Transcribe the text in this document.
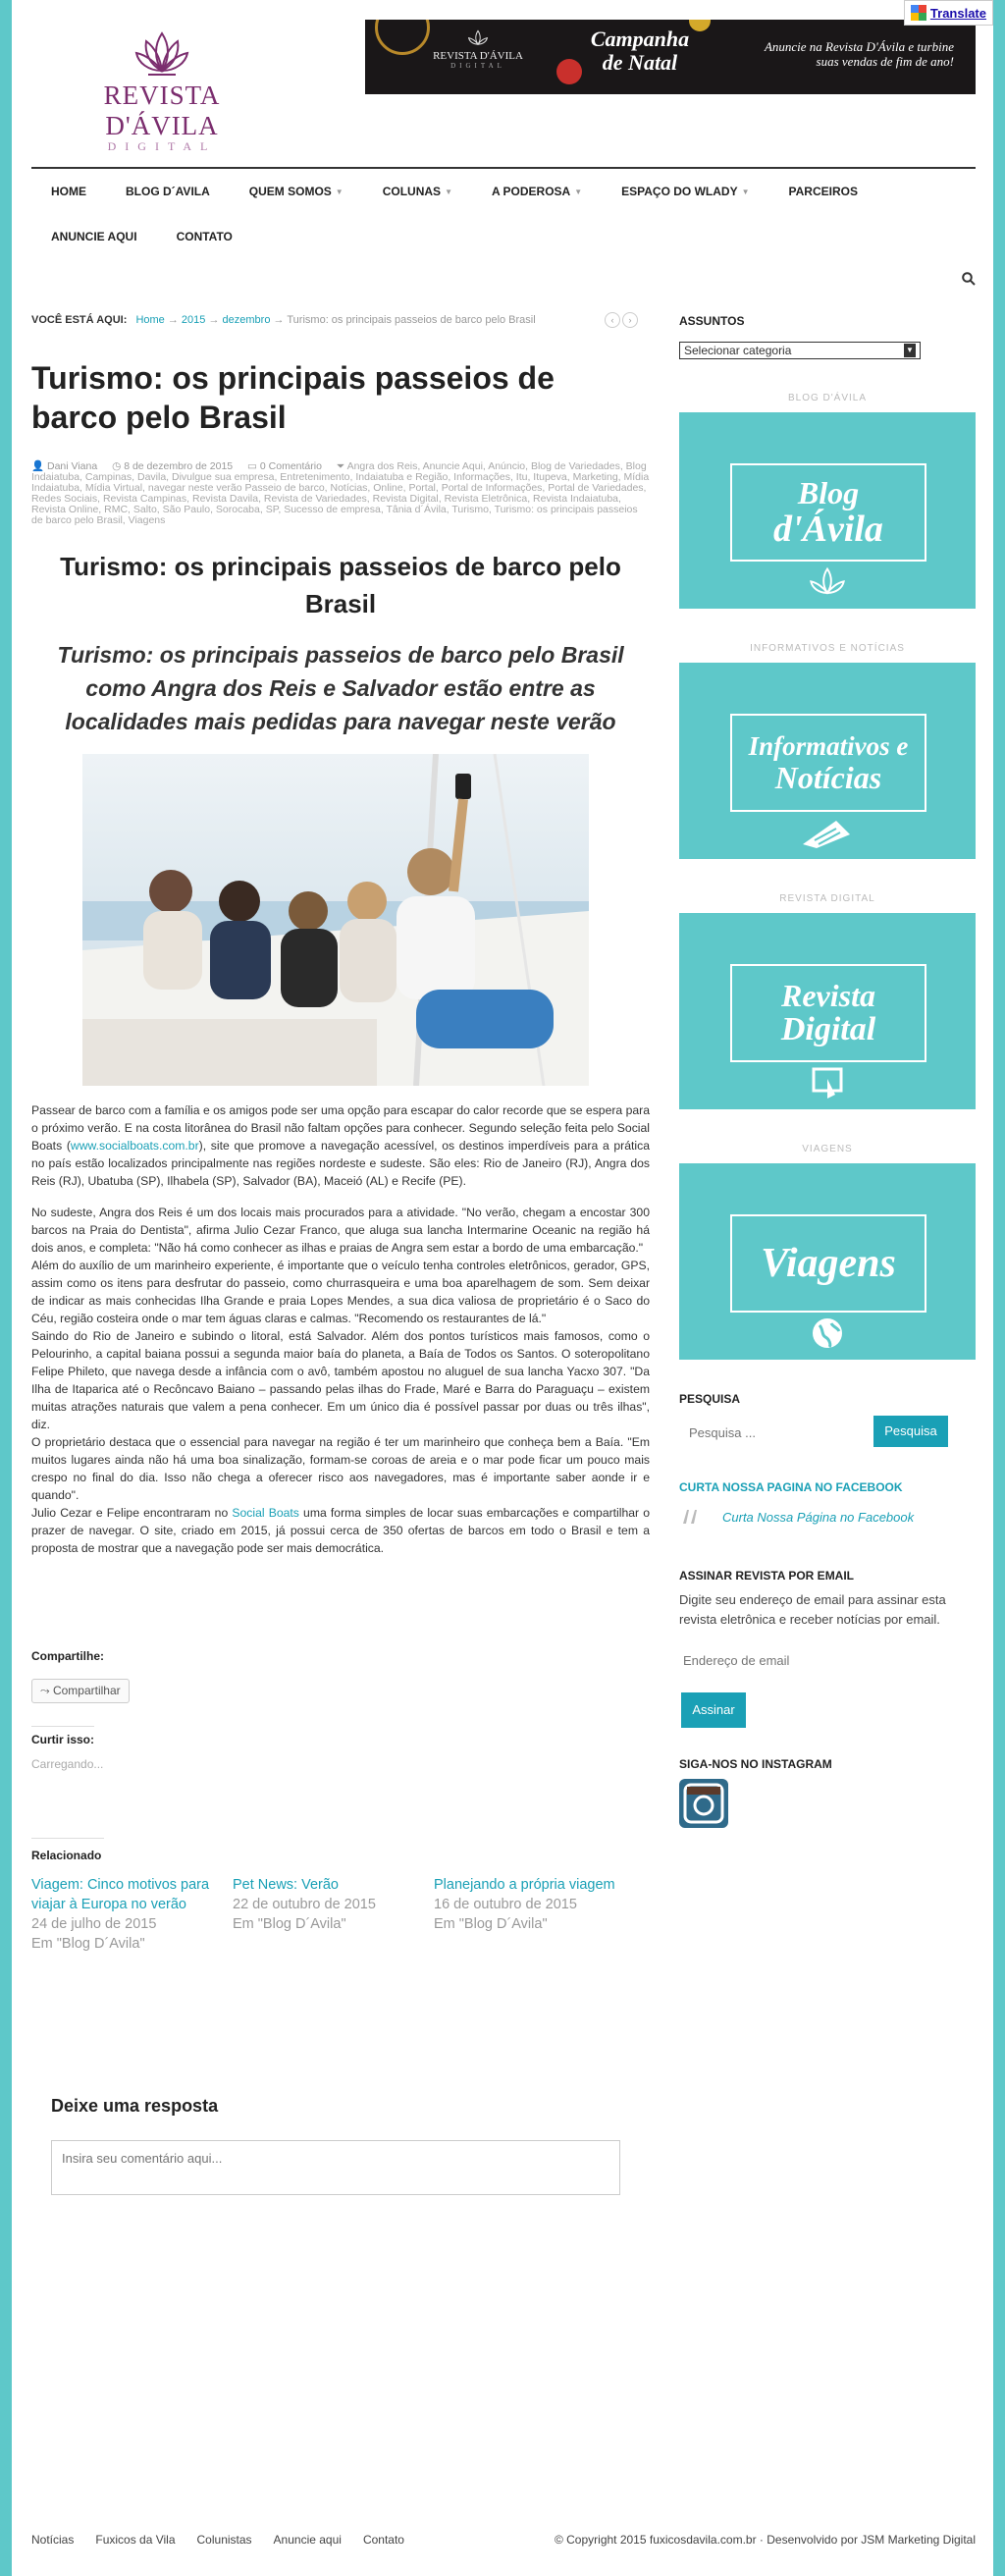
Translate
REVISTA D'ÁVILA
DIGITAL
REVISTA D'ÁVILA
DIGITAL
Campanha
de Natal
Anuncie na Revista D'Ávila e turbine
suas vendas de fim de ano!
HOME	BLOG D´AVILA	QUEM SOMOS ▼	COLUNAS ▼	A PODEROSA ▼	ESPAÇO DO WLADY ▼	PARCEIROS
ANUNCIE AQUI	CONTATO
VOCÊ ESTÁ AQUI: Home → 2015 → dezembro → Turismo: os principais passeios de barco pelo Brasil	‹	›
Turismo: os principais passeios de barco pelo Brasil
👤 Dani Viana ◷ 8 de dezembro de 2015 ▭ 0 Comentário ⏷ Angra dos Reis, Anuncie Aqui, Anúncio, Blog de Variedades, Blog Indaiatuba, Campinas, Davila, Divulgue sua empresa, Entretenimento, Indaiatuba e Região, Informações, Itu, Itupeva, Marketing, Mídia Indaiatuba, Mídia Virtual, navegar neste verão Passeio de barco, Notícias, Online, Portal, Portal de Informações, Portal de Variedades, Redes Sociais, Revista Campinas, Revista Davila, Revista de Variedades, Revista Digital, Revista Eletrônica, Revista Indaiatuba, Revista Online, RMC, Salto, São Paulo, Sorocaba, SP, Sucesso de empresa, Tânia d´Ávila, Turismo, Turismo: os principais passeios de barco pelo Brasil, Viagens
Turismo: os principais passeios de barco pelo Brasil
Turismo: os principais passeios de barco pelo Brasil como Angra dos Reis e Salvador estão entre as localidades mais pedidas para navegar neste verão

Passear de barco com a família e os amigos pode ser uma opção para escapar do calor recorde que se espera para o próximo verão. E na costa litorânea do Brasil não faltam opções para conhecer. Segundo seleção feita pelo Social Boats (www.socialboats.com.br), site que promove a navegação acessível, os destinos imperdíveis para a prática no país estão localizados principalmente nas regiões nordeste e sudeste. São eles: Rio de Janeiro (RJ), Angra dos Reis (RJ), Ubatuba (SP), Ilhabela (SP), Salvador (BA), Maceió (AL) e Recife (PE).

No sudeste, Angra dos Reis é um dos locais mais procurados para a atividade. "No verão, chegam a encostar 300 barcos na Praia do Dentista", afirma Julio Cezar Franco, que aluga sua lancha Intermarine Oceanic na região há dois anos, e completa: "Não há como conhecer as ilhas e praias de Angra sem estar a bordo de uma embarcação."

Além do auxílio de um marinheiro experiente, é importante que o veículo tenha controles eletrônicos, gerador, GPS, assim como os itens para desfrutar do passeio, como churrasqueira e uma boa aparelhagem de som. Sem deixar de indicar as mais conhecidas Ilha Grande e praia Lopes Mendes, a sua dica valiosa de proprietário é o Saco do Céu, região costeira onde o mar tem águas claras e calmas. "Recomendo os restaurantes de lá."

Saindo do Rio de Janeiro e subindo o litoral, está Salvador. Além dos pontos turísticos mais famosos, como o Pelourinho, a capital baiana possui a segunda maior baía do planeta, a Baía de Todos os Santos. O soteropolitano Felipe Phileto, que navega desde a infância com o avô, também apostou no aluguel de sua lancha Yacxo 307. "Da Ilha de Itaparica até o Recôncavo Baiano – passando pelas ilhas do Frade, Maré e Barra do Paraguaçu – existem muitas atrações naturais que valem a pena conhecer. Em um único dia é possível passar por duas ou três ilhas", diz.

O proprietário destaca que o essencial para navegar na região é ter um marinheiro que conheça bem a Baía. "Em muitos lugares ainda não há uma boa sinalização, formam-se coroas de areia e o mar pode ficar um pouco mais crespo no final do dia. Isso não chega a oferecer risco aos navegadores, mas é importante saber aonde ir e quando".

Julio Cezar e Felipe encontraram no Social Boats uma forma simples de locar suas embarcações e compartilhar o prazer de navegar. O site, criado em 2015, já possui cerca de 350 ofertas de barcos em todo o Brasil e tem a proposta de mostrar que a navegação pode ser mais democrática.

Compartilhe:
⤳ Compartilhar
Curtir isso:
Carregando...
Relacionado
Viagem: Cinco motivos para viajar à Europa no verão
24 de julho de 2015
Em "Blog D´Avila"
Pet News: Verão
22 de outubro de 2015
Em "Blog D´Avila"
Planejando a própria viagem
16 de outubro de 2015
Em "Blog D´Avila"
Deixe uma resposta
Insira seu comentário aqui...
ASSUNTOS
Selecionar categoria	▼
BLOG D'ÁVILA
Blog
d'Ávila
INFORMATIVOS E NOTÍCIAS
Informativos e
Notícias
REVISTA DIGITAL
Revista
Digital
VIAGENS
Viagens
PESQUISA
Pesquisa ...
Pesquisa
CURTA NOSSA PAGINA NO FACEBOOK
Curta Nossa Página no Facebook
ASSINAR REVISTA POR EMAIL
Digite seu endereço de email para assinar esta revista eletrônica e receber notícias por email.
Endereço de email
Assinar
SIGA-NOS NO INSTAGRAM
Notícias Fuxicos da Vila Colunistas Anuncie aqui Contato	© Copyright 2015 fuxicosdavila.com.br · Desenvolvido por JSM Marketing Digital
